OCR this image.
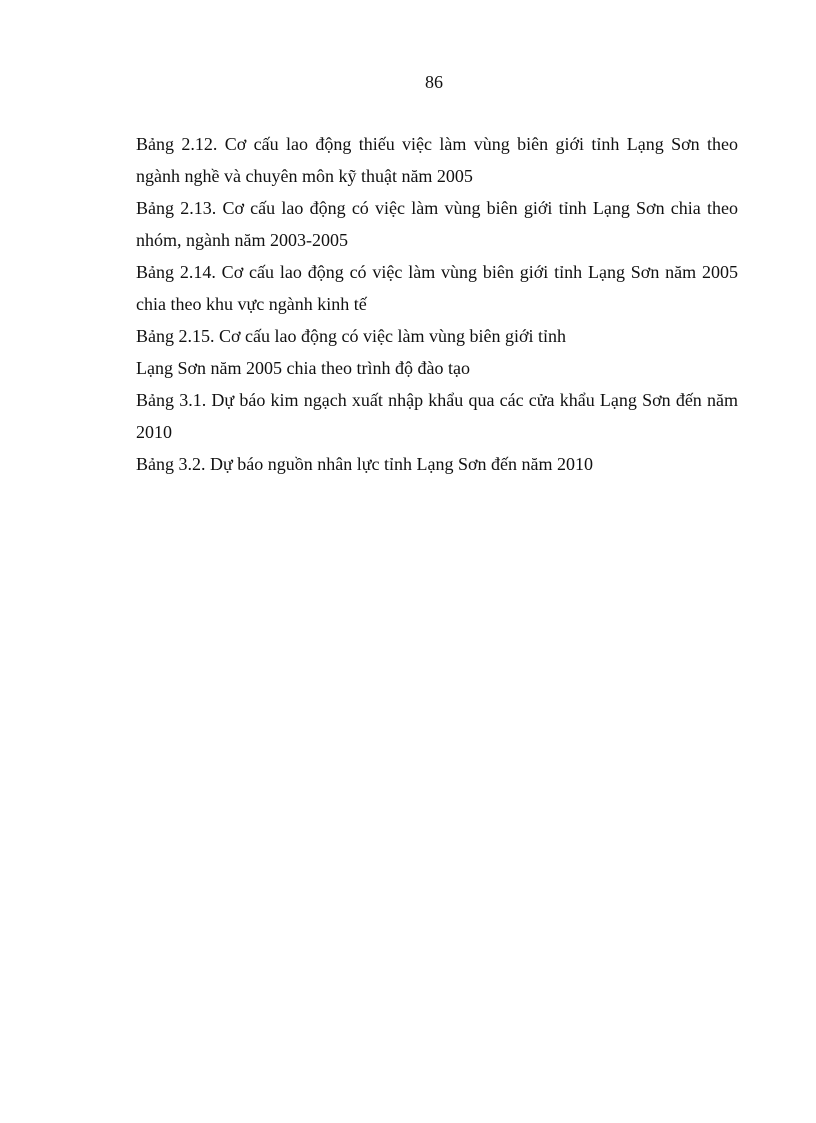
86
Bảng 2.12. Cơ cấu lao động thiếu việc làm vùng biên giới tỉnh Lạng Sơn theo ngành nghề và chuyên môn kỹ thuật năm 2005
Bảng 2.13. Cơ cấu lao động có việc làm vùng biên giới tỉnh Lạng Sơn chia theo nhóm, ngành năm 2003-2005
Bảng 2.14. Cơ cấu lao động có việc làm vùng biên giới tỉnh Lạng Sơn năm 2005 chia theo khu vực ngành kinh tế
Bảng 2.15. Cơ cấu lao động có việc làm vùng biên giới tỉnh
Lạng Sơn năm 2005 chia theo trình độ đào tạo
Bảng 3.1. Dự báo kim ngạch xuất nhập khẩu qua các cửa khẩu Lạng Sơn đến năm 2010
Bảng 3.2. Dự báo nguồn nhân lực tỉnh Lạng Sơn đến năm 2010
